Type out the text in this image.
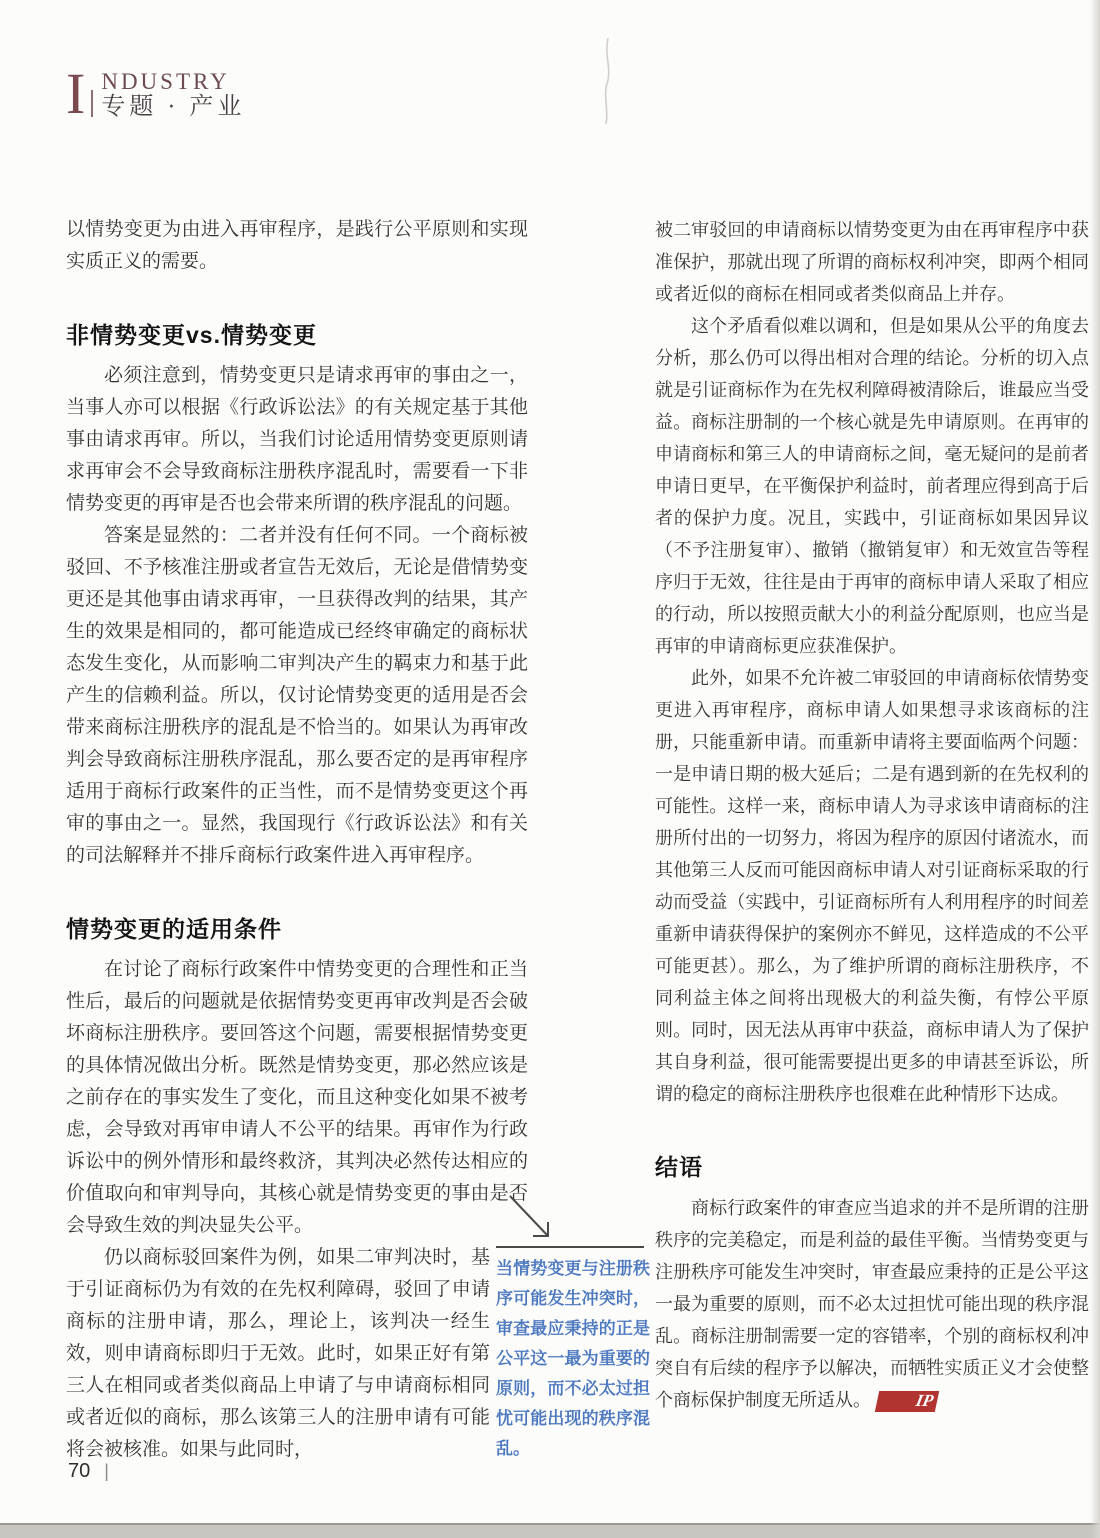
I NDUSTRY
专题 · 产业

以情势变更为由进入再审程序，是践行公平原则和实现实质正义的需要。

非情势变更vs.情势变更

必须注意到，情势变更只是请求再审的事由之一，当事人亦可以根据《行政诉讼法》的有关规定基于其他事由请求再审。所以，当我们讨论适用情势变更原则请求再审会不会导致商标注册秩序混乱时，需要看一下非情势变更的再审是否也会带来所谓的秩序混乱的问题。

答案是显然的：二者并没有任何不同。一个商标被驳回、不予核准注册或者宣告无效后，无论是借情势变更还是其他事由请求再审，一旦获得改判的结果，其产生的效果是相同的，都可能造成已经终审确定的商标状态发生变化，从而影响二审判决产生的羁束力和基于此产生的信赖利益。所以，仅讨论情势变更的适用是否会带来商标注册秩序的混乱是不恰当的。如果认为再审改判会导致商标注册秩序混乱，那么要否定的是再审程序适用于商标行政案件的正当性，而不是情势变更这个再审的事由之一。显然，我国现行《行政诉讼法》和有关的司法解释并不排斥商标行政案件进入再审程序。

情势变更的适用条件

在讨论了商标行政案件中情势变更的合理性和正当性后，最后的问题就是依据情势变更再审改判是否会破坏商标注册秩序。要回答这个问题，需要根据情势变更的具体情况做出分析。既然是情势变更，那必然应该是之前存在的事实发生了变化，而且这种变化如果不被考虑，会导致对再审申请人不公平的结果。再审作为行政诉讼中的例外情形和最终救济，其判决必然传达相应的价值取向和审判导向，其核心就是情势变更的事由是否会导致生效的判决显失公平。

仍以商标驳回案件为例，如果二审判决时，基于引证商标仍为有效的在先权利障碍，驳回了申请商标的注册申请，那么，理论上，该判决一经生效，则申请商标即归于无效。此时，如果正好有第三人在相同或者类似商品上申请了与申请商标相同或者近似的商标，那么该第三人的注册申请有可能将会被核准。如果与此同时，

被二审驳回的申请商标以情势变更为由在再审程序中获准保护，那就出现了所谓的商标权利冲突，即两个相同或者近似的商标在相同或者类似商品上并存。

这个矛盾看似难以调和，但是如果从公平的角度去分析，那么仍可以得出相对合理的结论。分析的切入点就是引证商标作为在先权利障碍被清除后，谁最应当受益。商标注册制的一个核心就是先申请原则。在再审的申请商标和第三人的申请商标之间，毫无疑问的是前者申请日更早，在平衡保护利益时，前者理应得到高于后者的保护力度。况且，实践中，引证商标如果因异议（不予注册复审）、撤销（撤销复审）和无效宣告等程序归于无效，往往是由于再审的商标申请人采取了相应的行动，所以按照贡献大小的利益分配原则，也应当是再审的申请商标更应获准保护。

此外，如果不允许被二审驳回的申请商标依情势变更进入再审程序，商标申请人如果想寻求该商标的注册，只能重新申请。而重新申请将主要面临两个问题：一是申请日期的极大延后；二是有遇到新的在先权利的可能性。这样一来，商标申请人为寻求该申请商标的注册所付出的一切努力，将因为程序的原因付诸流水，而其他第三人反而可能因商标申请人对引证商标采取的行动而受益（实践中，引证商标所有人利用程序的时间差重新申请获得保护的案例亦不鲜见，这样造成的不公平可能更甚）。那么，为了维护所谓的商标注册秩序，不同利益主体之间将出现极大的利益失衡，有悖公平原则。同时，因无法从再审中获益，商标申请人为了保护其自身利益，很可能需要提出更多的申请甚至诉讼，所谓的稳定的商标注册秩序也很难在此种情形下达成。

结语

商标行政案件的审查应当追求的并不是所谓的注册秩序的完美稳定，而是利益的最佳平衡。当情势变更与注册秩序可能发生冲突时，审查最应秉持的正是公平这一最为重要的原则，而不必太过担忧可能出现的秩序混乱。商标注册制需要一定的容错率，个别的商标权利冲突自有后续的程序予以解决，而牺牲实质正义才会使整个商标保护制度无所适从。	IP

当情势变更与注册秩序可能发生冲突时，审查最应秉持的正是公平这一最为重要的原则，而不必太过担忧可能出现的秩序混乱。

70 |
